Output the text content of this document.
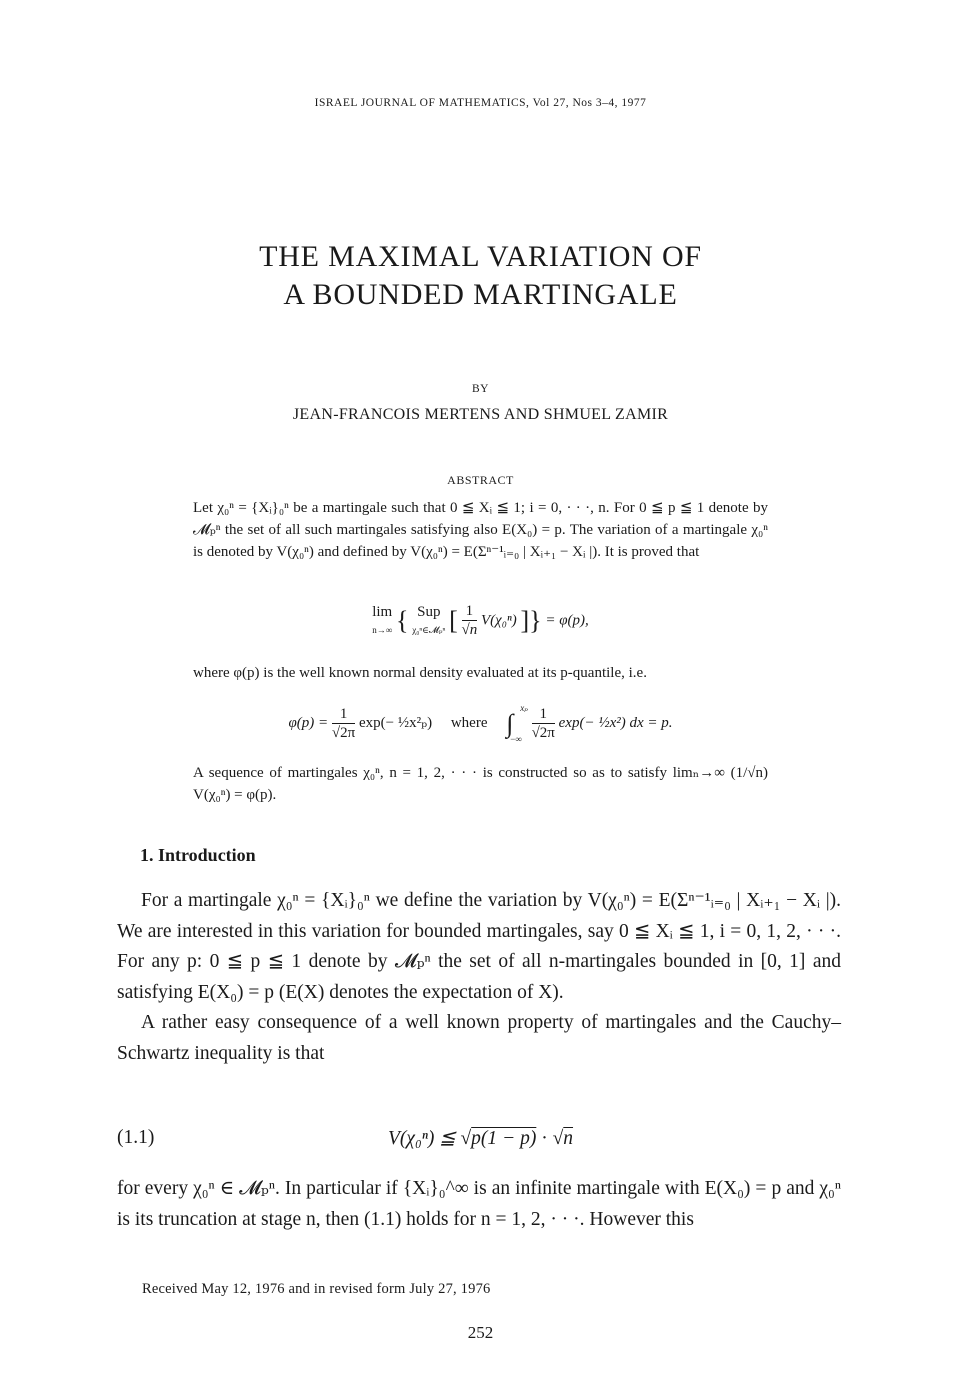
ISRAEL JOURNAL OF MATHEMATICS, Vol 27, Nos 3–4, 1977
THE MAXIMAL VARIATION OF
A BOUNDED MARTINGALE
BY
JEAN-FRANCOIS MERTENS AND SHMUEL ZAMIR
ABSTRACT

Let χ₀ⁿ = {Xᵢ}₀ⁿ be a martingale such that 0 ≦ Xᵢ ≦ 1; i = 0, · · ·, n. For 0 ≦ p ≦ 1 denote by 𝓜ₚⁿ the set of all such martingales satisfying also E(X₀) = p. The variation of a martingale χ₀ⁿ is denoted by V(χ₀ⁿ) and defined by V(χ₀ⁿ) = E(Σⁿ⁻¹ᵢ₌₀ | Xᵢ₊₁ − Xᵢ |). It is proved that

lim
n→∞ { Sup
χ₀ⁿ∈𝓜ₚⁿ [ $\frac{1}{√n} V(\chi_0^n)$ ]} = φ(p),

where φ(p) is the well known normal density evaluated at its p-quantile, i.e.

$\varphi(p) = \frac{1}{√2\pi} \exp(-$ ½x²ₚ) where
xₚ
∫
−∞
$\frac{1}{√2\pi} \exp(-$ ½x²) dx = p.

A sequence of martingales χ₀ⁿ, n = 1, 2, · · · is constructed so as to satisfy limₙ→∞ (1/√n) V(χ₀ⁿ) = φ(p).

1. Introduction

For a martingale χ₀ⁿ = {Xᵢ}₀ⁿ we define the variation by V(χ₀ⁿ) = E(Σⁿ⁻¹ᵢ₌₀ | Xᵢ₊₁ − Xᵢ |). We are interested in this variation for bounded martingales, say 0 ≦ Xᵢ ≦ 1, i = 0, 1, 2, · · ·. For any p: 0 ≦ p ≦ 1 denote by 𝓜ₚⁿ the set of all n-martingales bounded in [0, 1] and satisfying E(X₀) = p (E(X) denotes the expectation of X).

A rather easy consequence of a well known property of martingales and the Cauchy–Schwartz inequality is that

(1.1)	V(χ₀ⁿ) ≦ √p(1 − p) · √n

for every χ₀ⁿ ∈ 𝓜ₚⁿ. In particular if {Xᵢ}₀^∞ is an infinite martingale with E(X₀) = p and χ₀ⁿ is its truncation at stage n, then (1.1) holds for n = 1, 2, · · ·. However this

Received May 12, 1976 and in revised form July 27, 1976
252
